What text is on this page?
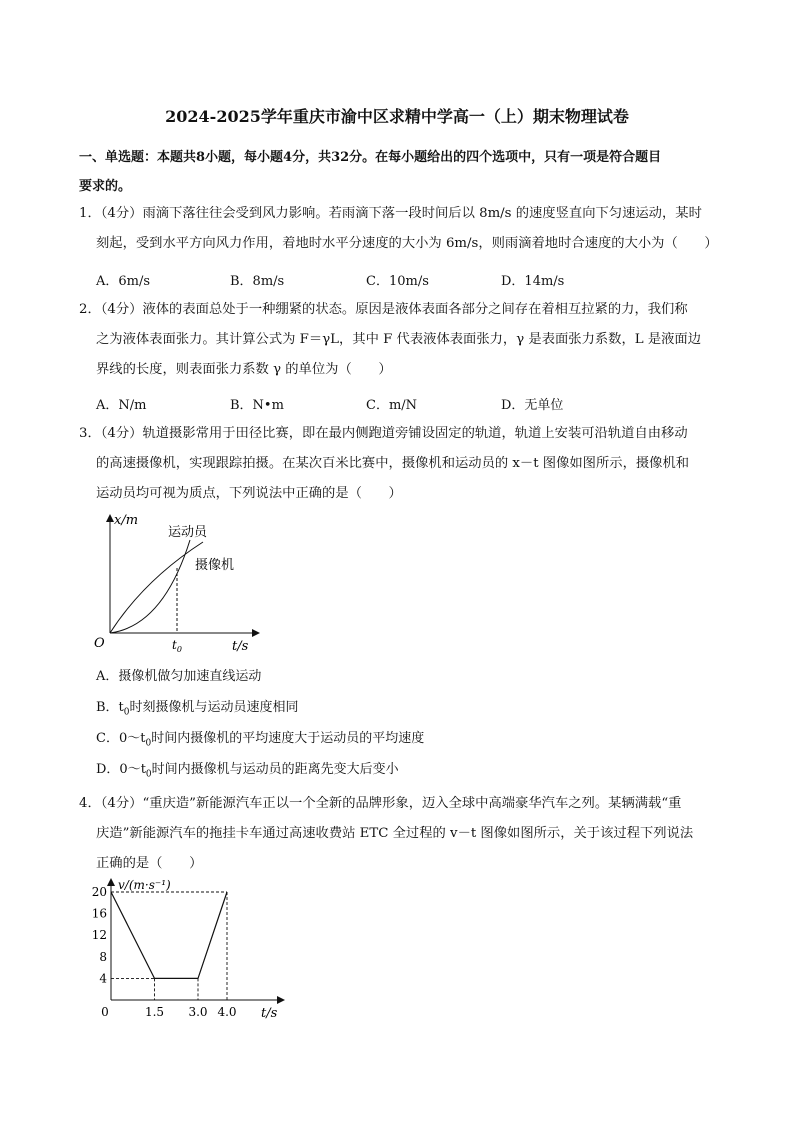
2024-2025学年重庆市渝中区求精中学高一（上）期末物理试卷
一、单选题：本题共8小题，每小题4分，共32分。在每小题给出的四个选项中，只有一项是符合题目
要求的。
1．（4分）雨滴下落往往会受到风力影响。若雨滴下落一段时间后以 8m/s 的速度竖直向下匀速运动，某时
刻起，受到水平方向风力作用，着地时水平分速度的大小为 6m/s，则雨滴着地时合速度的大小为（　　）
A．6m/s	B．8m/s	C．10m/s	D．14m/s
2．（4分）液体的表面总处于一种绷紧的状态。原因是液体表面各部分之间存在着相互拉紧的力，我们称
之为液体表面张力。其计算公式为 F＝γL，其中 F 代表液体表面张力，γ 是表面张力系数，L 是液面边
界线的长度，则表面张力系数 γ 的单位为（　　）
A．N/m	B．N•m	C．m/N	D．无单位
3．（4分）轨道摄影常用于田径比赛，即在最内侧跑道旁铺设固定的轨道，轨道上安装可沿轨道自由移动
的高速摄像机，实现跟踪拍摄。在某次百米比赛中，摄像机和运动员的 x－t 图像如图所示，摄像机和
运动员均可视为质点，下列说法中正确的是（　　）
x/m
t/s
O	$t_0$
运动员
摄像机
A．摄像机做匀加速直线运动
B．$t_0$时刻摄像机与运动员速度相同
C．$0\sim t_0$时间内摄像机的平均速度大于运动员的平均速度
D．$0\sim t_0$时间内摄像机与运动员的距离先变大后变小
4．（4分）“重庆造”新能源汽车正以一个全新的品牌形象，迈入全球中高端豪华汽车之列。某辆满载“重
庆造”新能源汽车的拖挂卡车通过高速收费站 ETC 全过程的 v－t 图像如图所示，关于该过程下列说法
正确的是（　　）
4
8
12
16
20
0	1.5 3.0 4.0
v/(m·s⁻¹)
t/s
